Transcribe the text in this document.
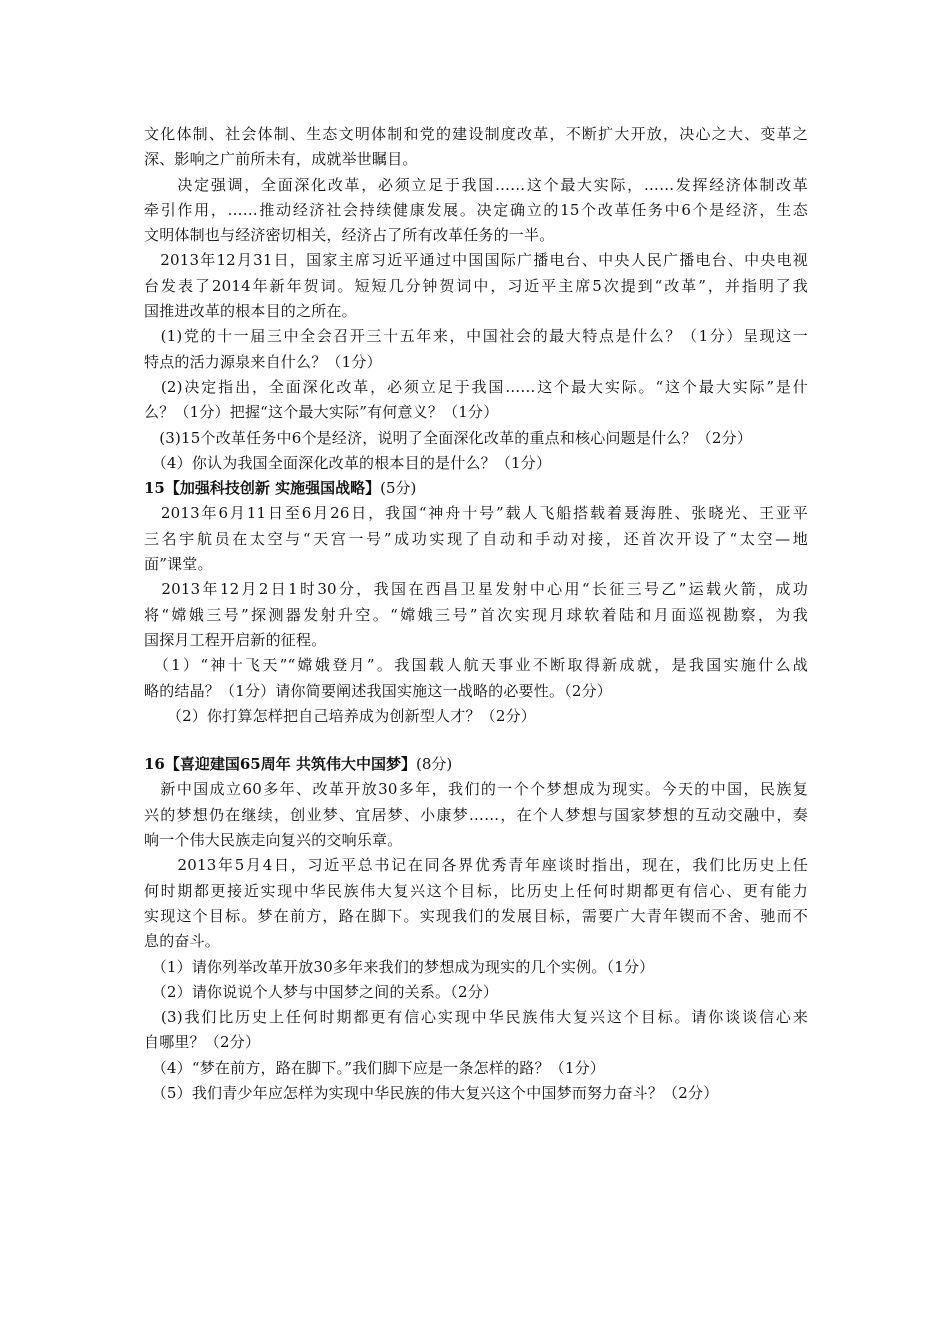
文化体制、社会体制、生态文明体制和党的建设制度改革，不断扩大开放，决心之大、变革之
深、影响之广前所未有，成就举世瞩目。
　　决定强调，全面深化改革，必须立足于我国……这个最大实际，……发挥经济体制改革
牵引作用，……推动经济社会持续健康发展。决定确立的15个改革任务中6个是经济，生态
文明体制也与经济密切相关，经济占了所有改革任务的一半。
　2013年12月31日，国家主席习近平通过中国国际广播电台、中央人民广播电台、中央电视
台发表了2014年新年贺词。短短几分钟贺词中，习近平主席5次提到“改革”，并指明了我
国推进改革的根本目的之所在。
　(1)党的十一届三中全会召开三十五年来，中国社会的最大特点是什么？（1分）呈现这一
特点的活力源泉来自什么？（1分）
　(2)决定指出，全面深化改革，必须立足于我国……这个最大实际。“这个最大实际”是什
么？（1分）把握“这个最大实际”有何意义？（1分）
　(3)15个改革任务中6个是经济，说明了全面深化改革的重点和核心问题是什么？（2分）
　（4）你认为我国全面深化改革的根本目的是什么？（1分）
15【加强科技创新 实施强国战略】(5分)
　2013年6月11日至6月26日，我国“神舟十号”载人飞船搭载着聂海胜、张晓光、王亚平
三名宇航员在太空与“天宫一号”成功实现了自动和手动对接，还首次开设了“太空—地
面”课堂。
　2013年12月2日1时30分，我国在西昌卫星发射中心用“长征三号乙”运载火箭，成功
将“嫦娥三号”探测器发射升空。“嫦娥三号”首次实现月球软着陆和月面巡视勘察，为我
国探月工程开启新的征程。
　（1）“神十飞天”“嫦娥登月”。我国载人航天事业不断取得新成就，是我国实施什么战
略的结晶？（1分）请你简要阐述我国实施这一战略的必要性。（2分）
　　（2）你打算怎样把自己培养成为创新型人才？（2分）
16【喜迎建国65周年 共筑伟大中国梦】(8分)
　新中国成立60多年、改革开放30多年，我们的一个个梦想成为现实。今天的中国，民族复
兴的梦想仍在继续，创业梦、宜居梦、小康梦……，在个人梦想与国家梦想的互动交融中，奏
响一个伟大民族走向复兴的交响乐章。
　　2013年5月4日，习近平总书记在同各界优秀青年座谈时指出，现在，我们比历史上任
何时期都更接近实现中华民族伟大复兴这个目标，比历史上任何时期都更有信心、更有能力
实现这个目标。梦在前方，路在脚下。实现我们的发展目标，需要广大青年锲而不舍、驰而不
息的奋斗。
　（1）请你列举改革开放30多年来我们的梦想成为现实的几个实例。（1分）
　（2）请你说说个人梦与中国梦之间的关系。（2分）
　(3)我们比历史上任何时期都更有信心实现中华民族伟大复兴这个目标。请你谈谈信心来
自哪里？（2分）
　（4）“梦在前方，路在脚下。”我们脚下应是一条怎样的路？（1分）
　（5）我们青少年应怎样为实现中华民族的伟大复兴这个中国梦而努力奋斗？（2分）
